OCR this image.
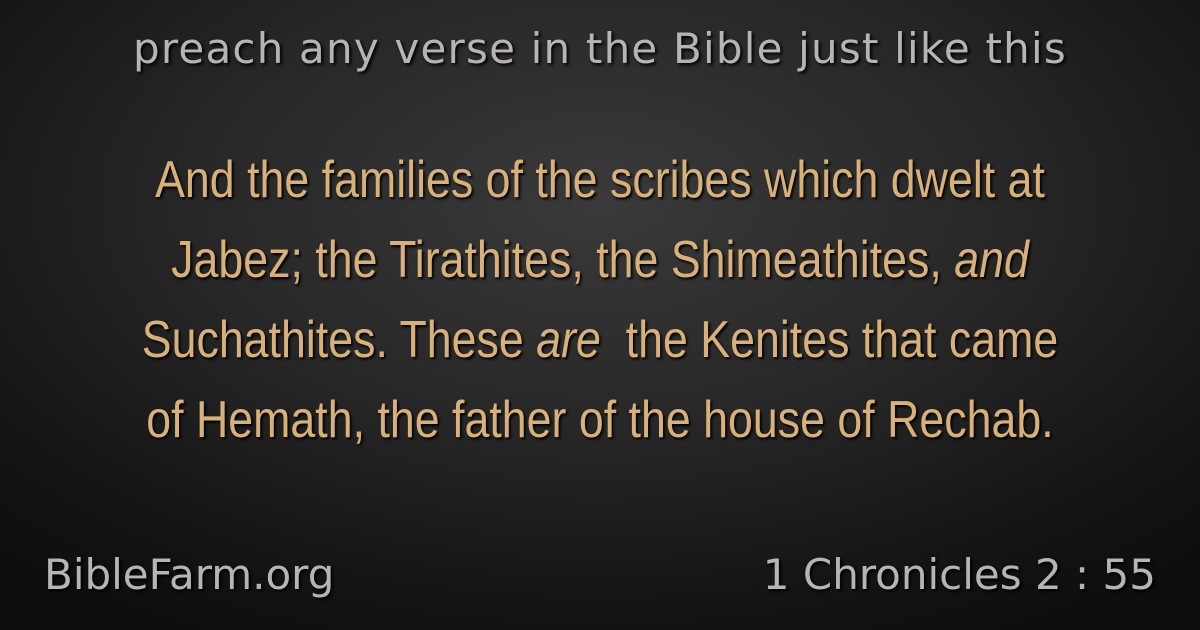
preach any verse in the Bible just like this
And the families of the scribes which dwelt at
Jabez; the Tirathites, the Shimeathites, and
Suchathites. These are  the Kenites that came
of Hemath, the father of the house of Rechab.
BibleFarm.org	1 Chronicles 2 : 55
